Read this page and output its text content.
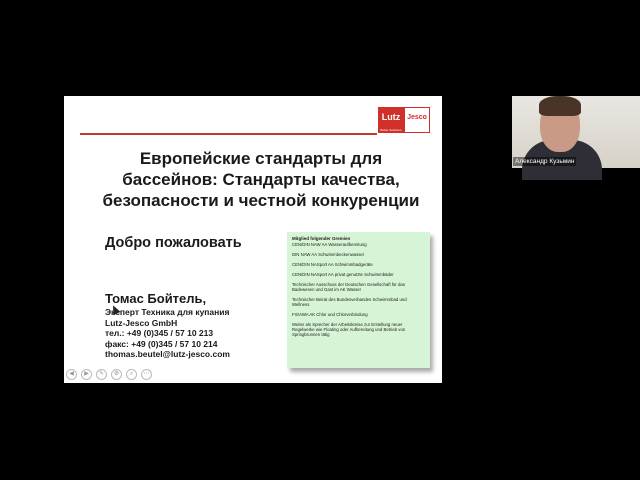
Lutz
Better Solutions
Jesco
Европейские стандарты для
бассейнов: Стандарты качества,
безопасности и честной конкуренции
Добро пожаловать
Томас Бойтель,
Эксперт Техника для купания
Lutz-Jesco GmbH
тел.: +49 (0)345 / 57 10 213
факс: +49 (0)345 / 57 10 214
thomas.beutel@lutz-jesco.com
Mitglied folgender Gremien
CEN/DIN NAW AA Wasseraufbereitung
DIN NAW AA Schwimmbeckenwasser
CEN/DIN NASport AA Schwimmbadgeräte
CEN/DIN NASport AA privat genutzte Schwimmbäder
Technischer Ausschuss der Deutschen Gesellschaft für das Badewesen und Gast im AK Wasser
Technischer Beirat des Bundesverbandes Schwimmbad und Wellness
FIGAWA AK Chlor und Chlorverbindung
Weiter als Sprecher der Arbeitskreise zur Erstellung neuer Regelwerke wie Floating oder Aufbereitung und Betrieb von Springbrunnen tätig
◀	▶	✎	⚙	⌕	⋯
Александр Кузьмин
